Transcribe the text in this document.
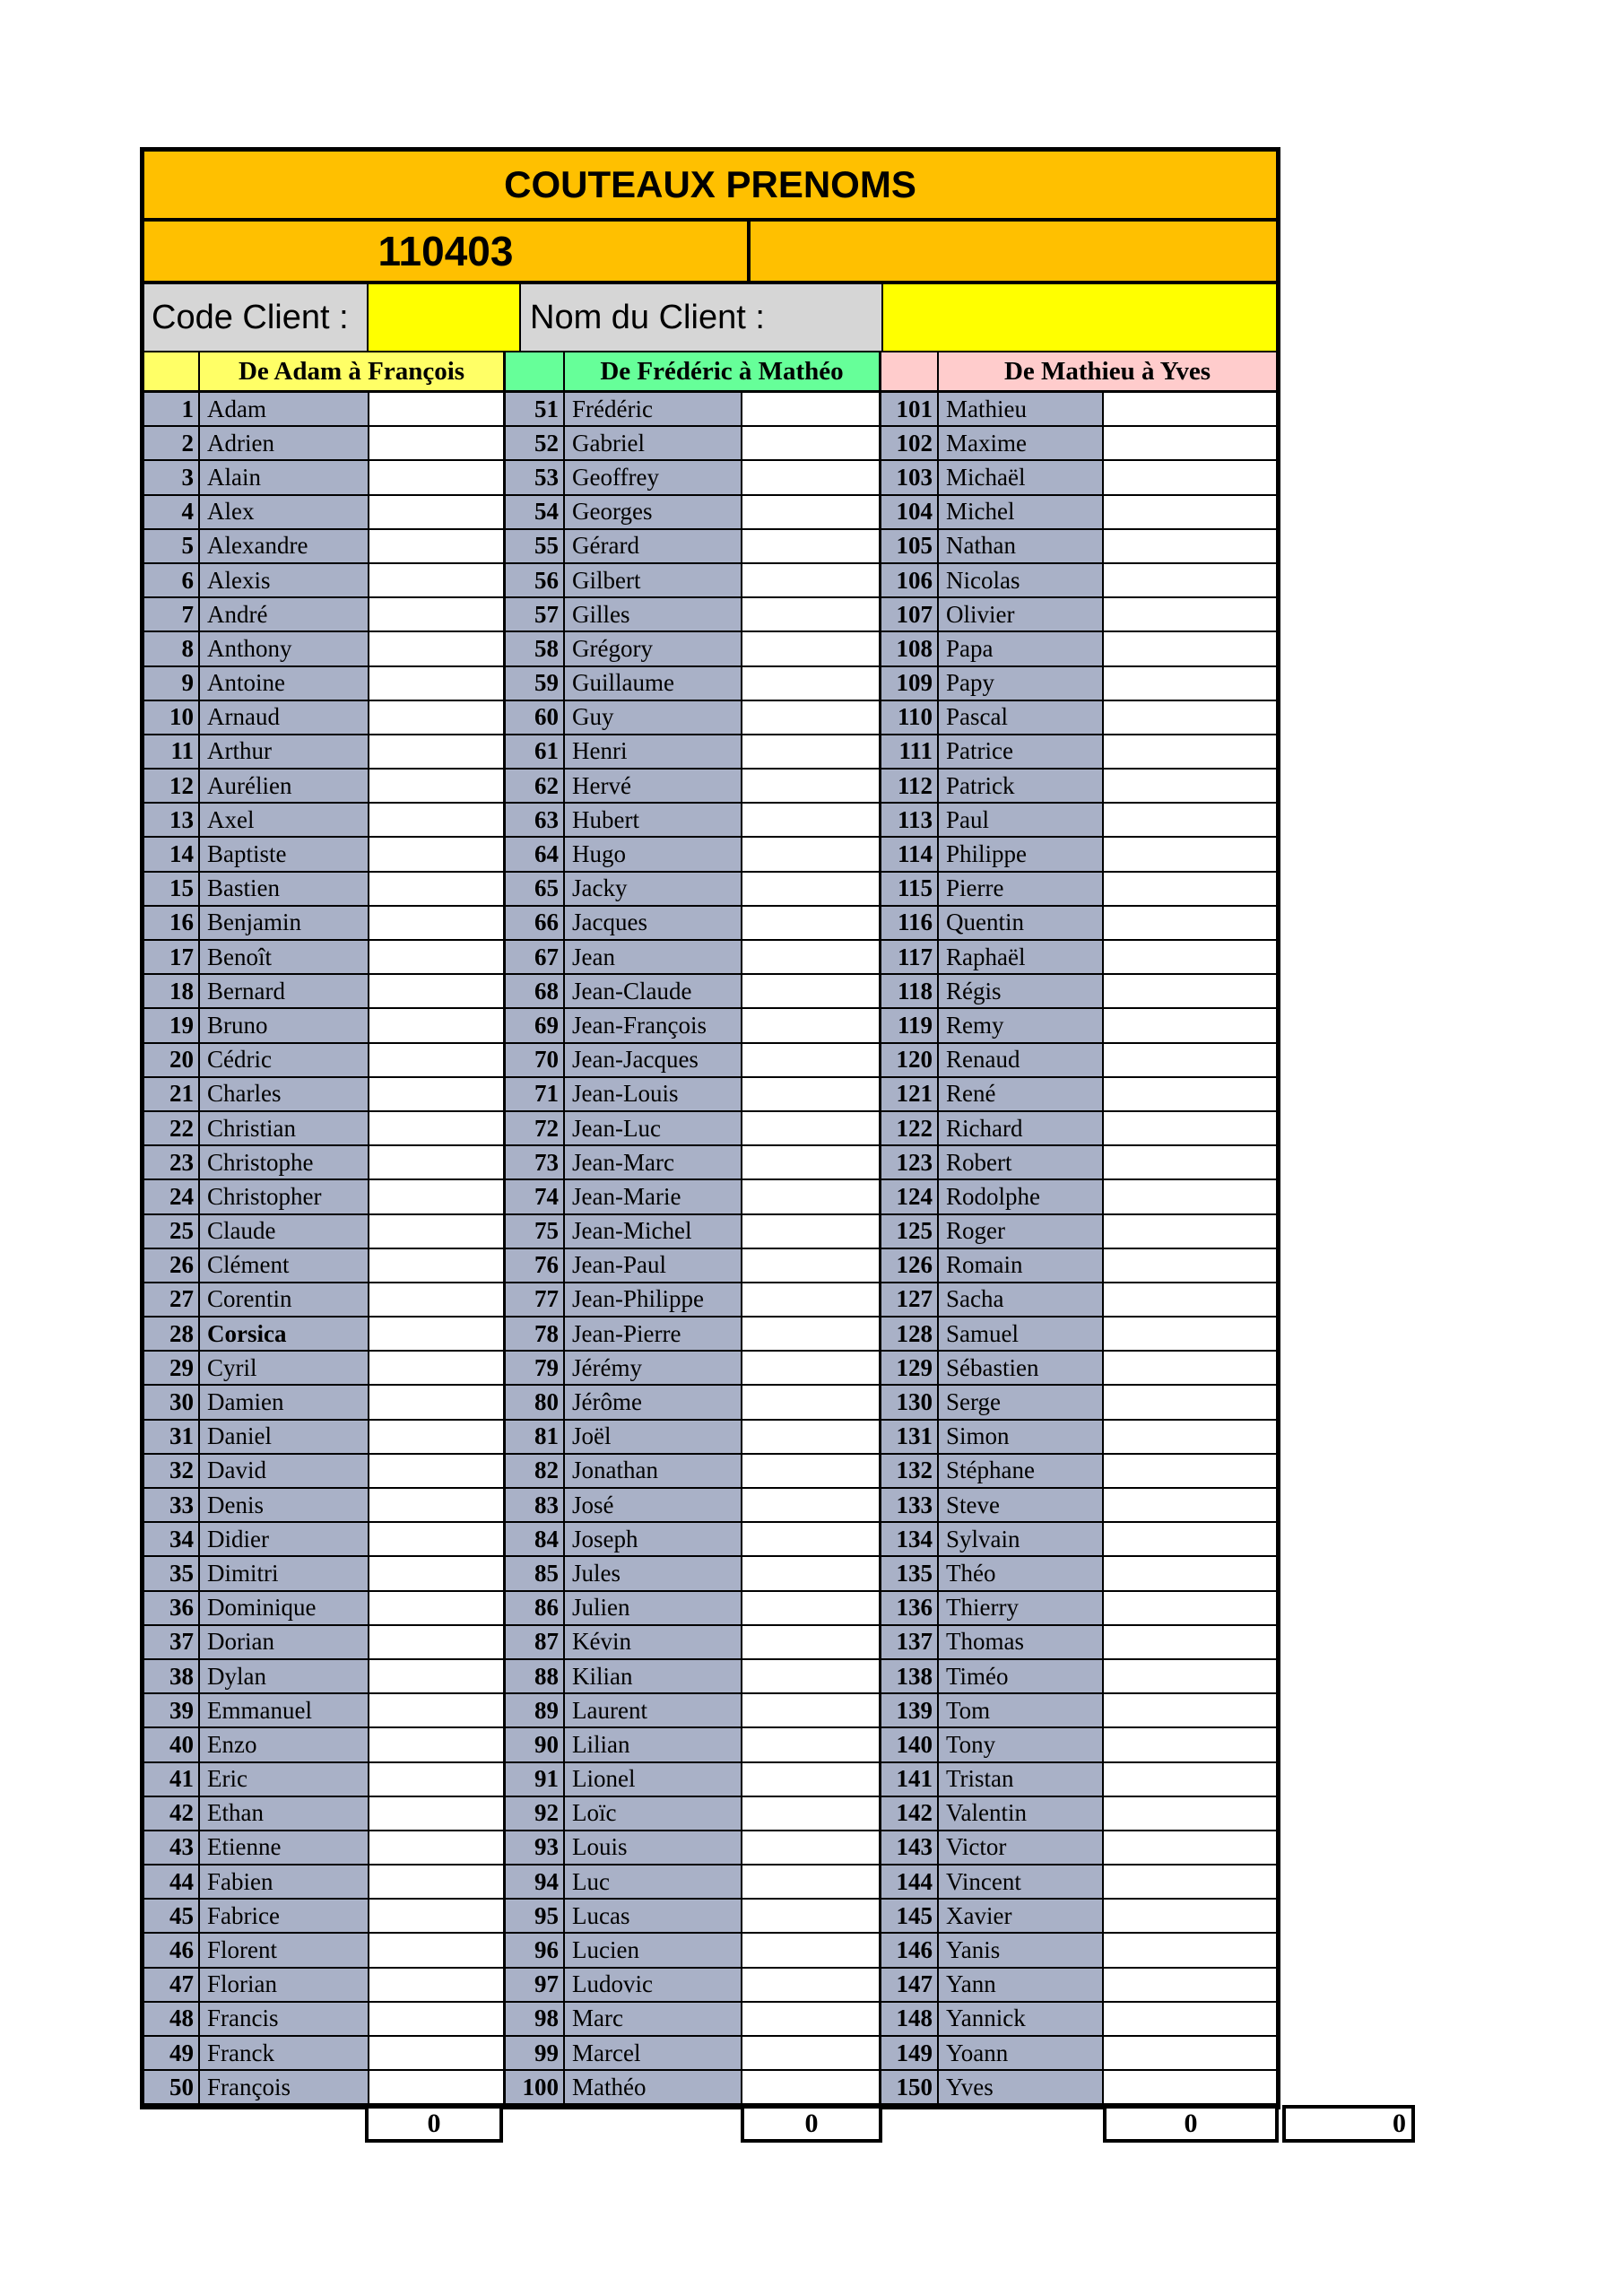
COUTEAUX PRENOMS
110403
Code Client :	Nom du Client :
De Adam à François
1 Adam
2 Adrien
3 Alain
4 Alex
5 Alexandre
6 Alexis
7 André
8 Anthony
9 Antoine
10 Arnaud
11 Arthur
12 Aurélien
13 Axel
14 Baptiste
15 Bastien
16 Benjamin
17 Benoît
18 Bernard
19 Bruno
20 Cédric
21 Charles
22 Christian
23 Christophe
24 Christopher
25 Claude
26 Clément
27 Corentin
28 Corsica
29 Cyril
30 Damien
31 Daniel
32 David
33 Denis
34 Didier
35 Dimitri
36 Dominique
37 Dorian
38 Dylan
39 Emmanuel
40 Enzo
41 Eric
42 Ethan
43 Etienne
44 Fabien
45 Fabrice
46 Florent
47 Florian
48 Francis
49 Franck
50 François
De Frédéric à Mathéo
51 Frédéric
52 Gabriel
53 Geoffrey
54 Georges
55 Gérard
56 Gilbert
57 Gilles
58 Grégory
59 Guillaume
60 Guy
61 Henri
62 Hervé
63 Hubert
64 Hugo
65 Jacky
66 Jacques
67 Jean
68 Jean-Claude
69 Jean-François
70 Jean-Jacques
71 Jean-Louis
72 Jean-Luc
73 Jean-Marc
74 Jean-Marie
75 Jean-Michel
76 Jean-Paul
77 Jean-Philippe
78 Jean-Pierre
79 Jérémy
80 Jérôme
81 Joël
82 Jonathan
83 José
84 Joseph
85 Jules
86 Julien
87 Kévin
88 Kilian
89 Laurent
90 Lilian
91 Lionel
92 Loïc
93 Louis
94 Luc
95 Lucas
96 Lucien
97 Ludovic
98 Marc
99 Marcel
100 Mathéo
De Mathieu à Yves
101 Mathieu
102 Maxime
103 Michaël
104 Michel
105 Nathan
106 Nicolas
107 Olivier
108 Papa
109 Papy
110 Pascal
111 Patrice
112 Patrick
113 Paul
114 Philippe
115 Pierre
116 Quentin
117 Raphaël
118 Régis
119 Remy
120 Renaud
121 René
122 Richard
123 Robert
124 Rodolphe
125 Roger
126 Romain
127 Sacha
128 Samuel
129 Sébastien
130 Serge
131 Simon
132 Stéphane
133 Steve
134 Sylvain
135 Théo
136 Thierry
137 Thomas
138 Timéo
139 Tom
140 Tony
141 Tristan
142 Valentin
143 Victor
144 Vincent
145 Xavier
146 Yanis
147 Yann
148 Yannick
149 Yoann
150 Yves
0	0	0	0
